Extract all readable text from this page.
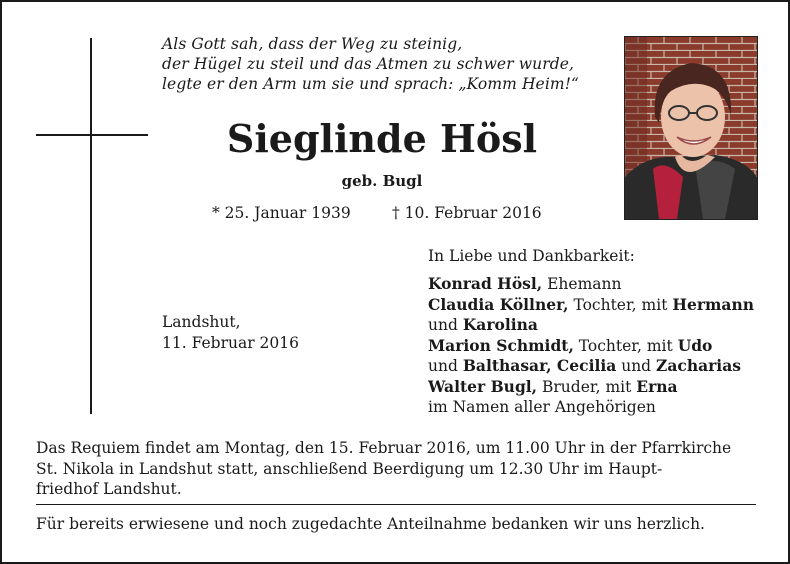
Als Gott sah, dass der Weg zu steinig,
der Hügel zu steil und das Atmen zu schwer wurde,
legte er den Arm um sie und sprach: „Komm Heim!“
Sieglinde Hösl
geb. Bugl
* 25. Januar 1939	† 10. Februar 2016
Landshut,
11. Februar 2016
In Liebe und Dankbarkeit:
Konrad Hösl, Ehemann
Claudia Köllner, Tochter, mit Hermann
und Karolina
Marion Schmidt, Tochter, mit Udo
und Balthasar, Cecilia und Zacharias
Walter Bugl, Bruder, mit Erna
im Namen aller Angehörigen
Das Requiem findet am Montag, den 15. Februar 2016, um 11.00 Uhr in der Pfarrkirche
St. Nikola in Landshut statt, anschließend Beerdigung um 12.30 Uhr im Haupt-
friedhof Landshut.
Für bereits erwiesene und noch zugedachte Anteilnahme bedanken wir uns herzlich.
